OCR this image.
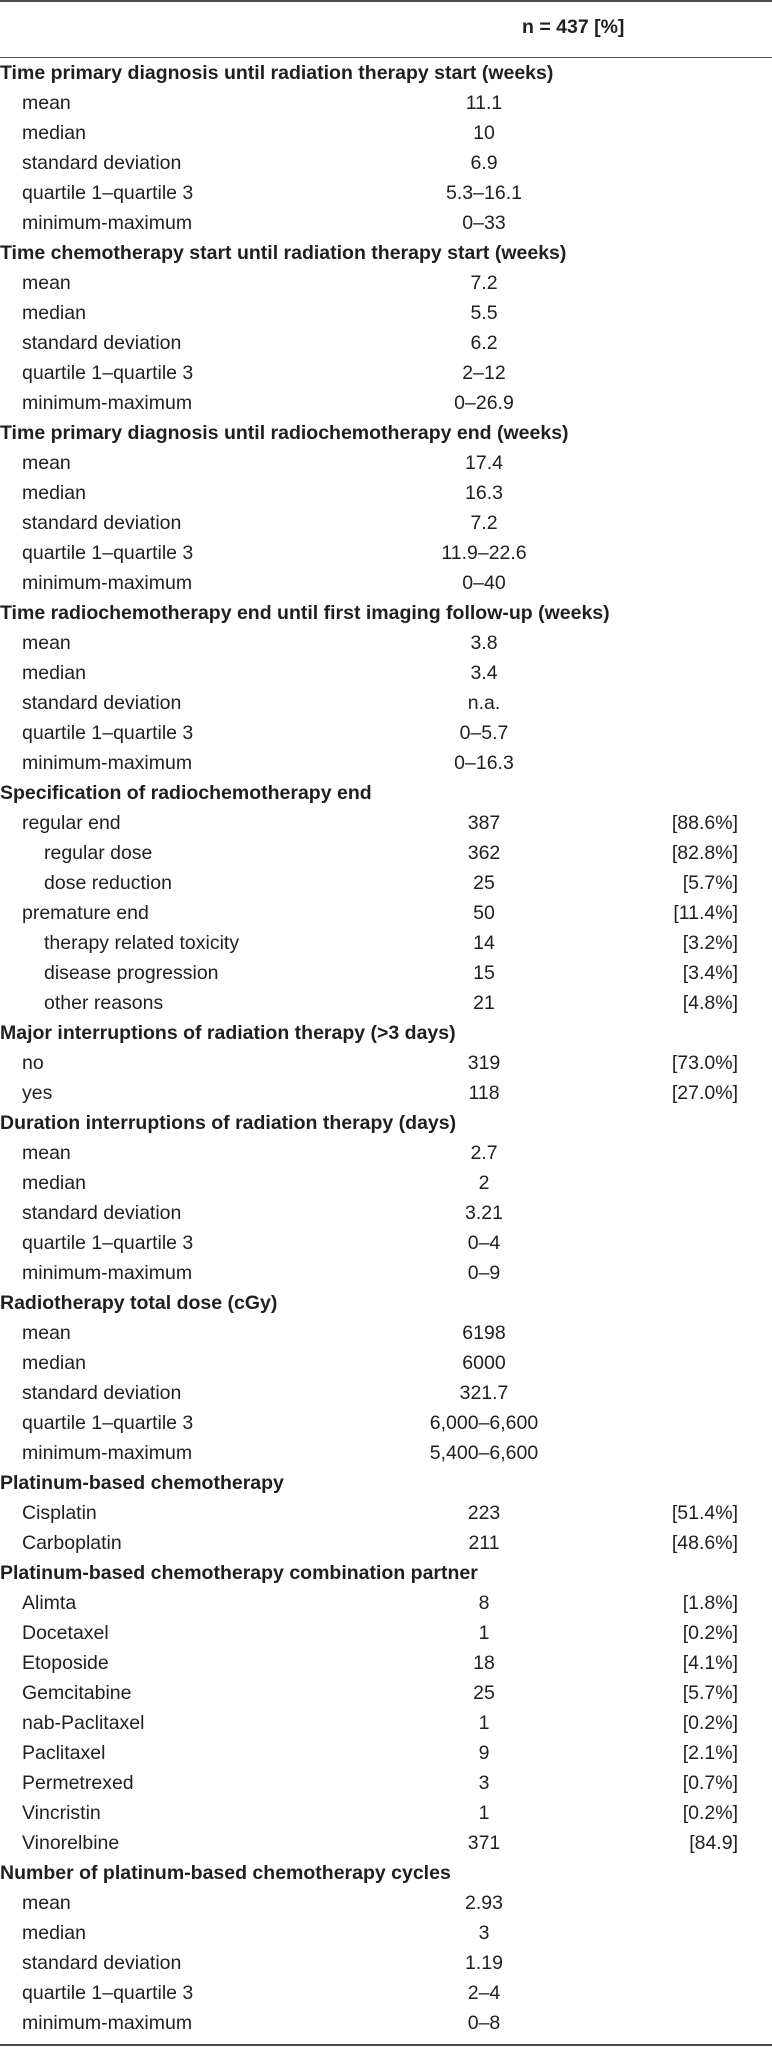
n = 437 [%]
Time primary diagnosis until radiation therapy start (weeks)
mean	11.1
median	10
standard deviation	6.9
quartile 1–quartile 3	5.3–16.1
minimum-maximum	0–33
Time chemotherapy start until radiation therapy start (weeks)
mean	7.2
median	5.5
standard deviation	6.2
quartile 1–quartile 3	2–12
minimum-maximum	0–26.9
Time primary diagnosis until radiochemotherapy end (weeks)
mean	17.4
median	16.3
standard deviation	7.2
quartile 1–quartile 3	11.9–22.6
minimum-maximum	0–40
Time radiochemotherapy end until first imaging follow-up (weeks)
mean	3.8
median	3.4
standard deviation	n.a.
quartile 1–quartile 3	0–5.7
minimum-maximum	0–16.3
Specification of radiochemotherapy end
regular end	387	[88.6%]
regular dose	362	[82.8%]
dose reduction	25	[5.7%]
premature end	50	[11.4%]
therapy related toxicity	14	[3.2%]
disease progression	15	[3.4%]
other reasons	21	[4.8%]
Major interruptions of radiation therapy (>3 days)
no	319	[73.0%]
yes	118	[27.0%]
Duration interruptions of radiation therapy (days)
mean	2.7
median	2
standard deviation	3.21
quartile 1–quartile 3	0–4
minimum-maximum	0–9
Radiotherapy total dose (cGy)
mean	6198
median	6000
standard deviation	321.7
quartile 1–quartile 3	6,000–6,600
minimum-maximum	5,400–6,600
Platinum-based chemotherapy
Cisplatin	223	[51.4%]
Carboplatin	211	[48.6%]
Platinum-based chemotherapy combination partner
Alimta	8	[1.8%]
Docetaxel	1	[0.2%]
Etoposide	18	[4.1%]
Gemcitabine	25	[5.7%]
nab-Paclitaxel	1	[0.2%]
Paclitaxel	9	[2.1%]
Permetrexed	3	[0.7%]
Vincristin	1	[0.2%]
Vinorelbine	371	[84.9]
Number of platinum-based chemotherapy cycles
mean	2.93
median	3
standard deviation	1.19
quartile 1–quartile 3	2–4
minimum-maximum	0–8
